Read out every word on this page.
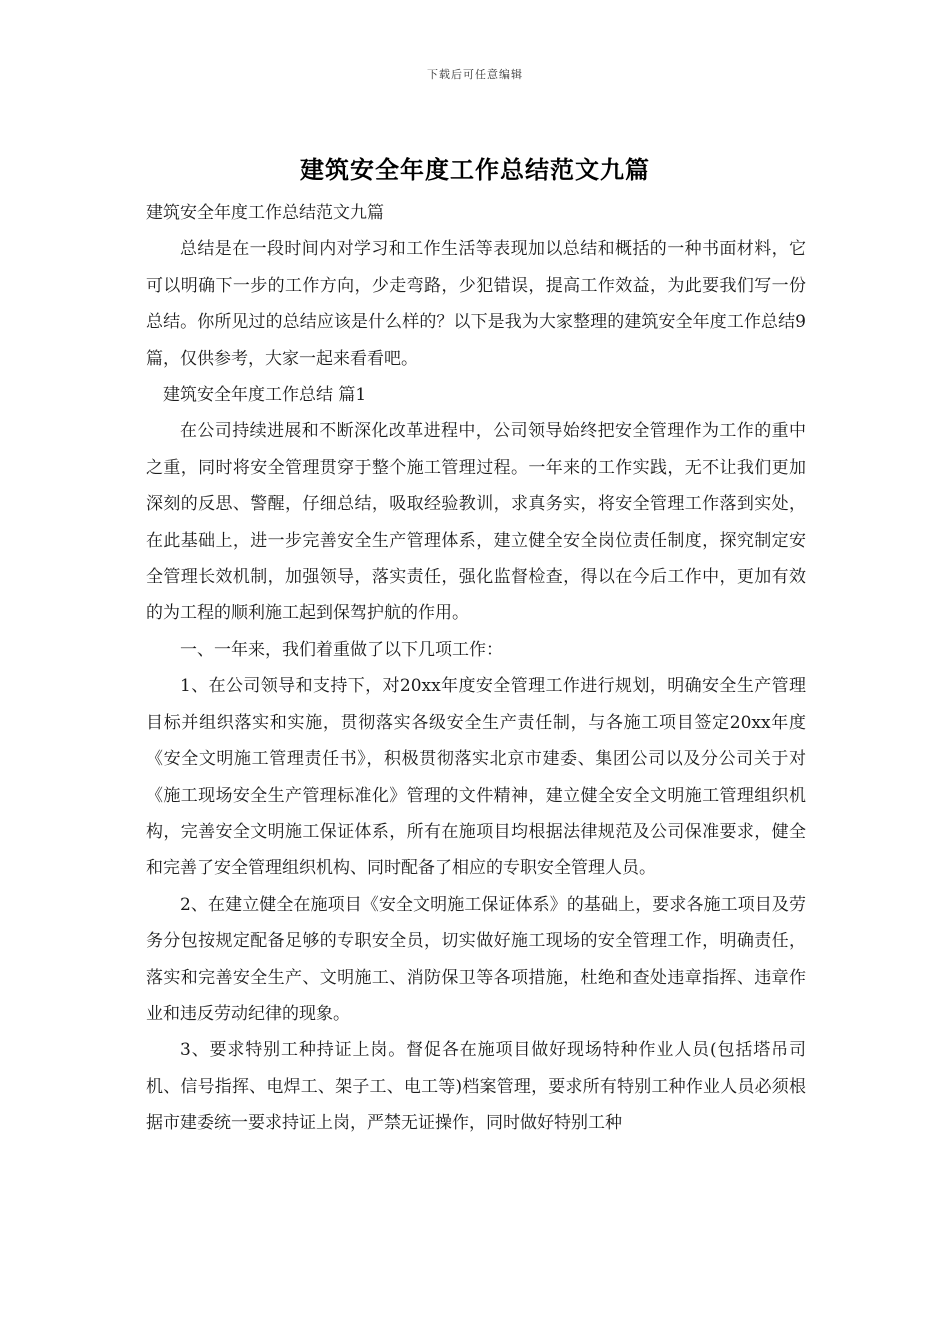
下载后可任意编辑
建筑安全年度工作总结范文九篇

建筑安全年度工作总结范文九篇

总结是在一段时间内对学习和工作生活等表现加以总结和概括的一种书面材料，它可以明确下一步的工作方向，少走弯路，少犯错误，提高工作效益，为此要我们写一份总结。你所见过的总结应该是什么样的？以下是我为大家整理的建筑安全年度工作总结9篇，仅供参考，大家一起来看看吧。

建筑安全年度工作总结 篇1

在公司持续进展和不断深化改革进程中，公司领导始终把安全管理作为工作的重中之重，同时将安全管理贯穿于整个施工管理过程。一年来的工作实践，无不让我们更加深刻的反思、警醒，仔细总结，吸取经验教训，求真务实，将安全管理工作落到实处，在此基础上，进一步完善安全生产管理体系，建立健全安全岗位责任制度，探究制定安全管理长效机制，加强领导，落实责任，强化监督检查，得以在今后工作中，更加有效的为工程的顺利施工起到保驾护航的作用。

一、一年来，我们着重做了以下几项工作：

1、在公司领导和支持下，对20xx年度安全管理工作进行规划，明确安全生产管理目标并组织落实和实施，贯彻落实各级安全生产责任制，与各施工项目签定20xx年度《安全文明施工管理责任书》，积极贯彻落实北京市建委、集团公司以及分公司关于对《施工现场安全生产管理标准化》管理的文件精神，建立健全安全文明施工管理组织机构，完善安全文明施工保证体系，所有在施项目均根据法律规范及公司保准要求，健全和完善了安全管理组织机构、同时配备了相应的专职安全管理人员。

2、在建立健全在施项目《安全文明施工保证体系》的基础上，要求各施工项目及劳务分包按规定配备足够的专职安全员，切实做好施工现场的安全管理工作，明确责任，落实和完善安全生产、文明施工、消防保卫等各项措施，杜绝和查处违章指挥、违章作业和违反劳动纪律的现象。

3、要求特别工种持证上岗。督促各在施项目做好现场特种作业人员(包括塔吊司机、信号指挥、电焊工、架子工、电工等)档案管理，要求所有特别工种作业人员必须根据市建委统一要求持证上岗，严禁无证操作，同时做好特别工种
